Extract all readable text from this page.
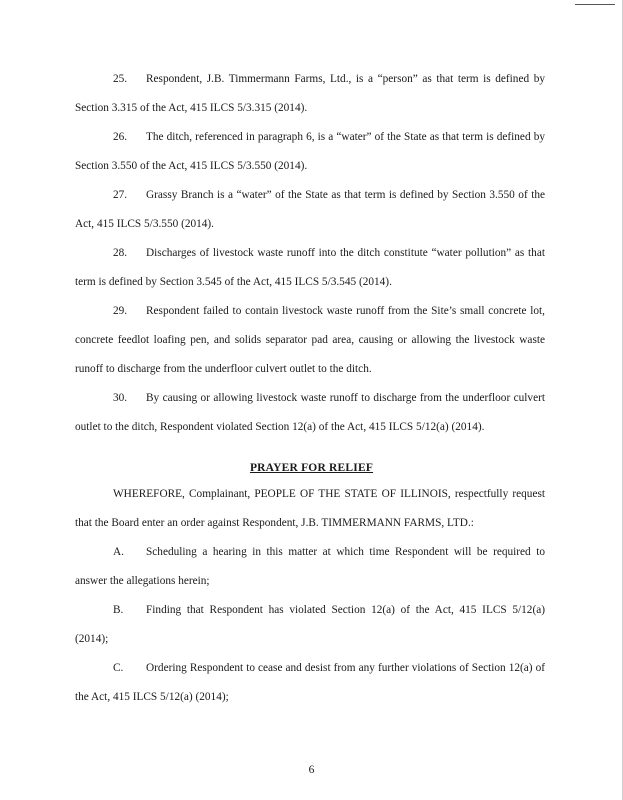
25. Respondent, J.B. Timmermann Farms, Ltd., is a “person” as that term is defined by Section 3.315 of the Act, 415 ILCS 5/3.315 (2014).

26. The ditch, referenced in paragraph 6, is a “water” of the State as that term is defined by Section 3.550 of the Act, 415 ILCS 5/3.550 (2014).

27. Grassy Branch is a “water” of the State as that term is defined by Section 3.550 of the Act, 415 ILCS 5/3.550 (2014).

28. Discharges of livestock waste runoff into the ditch constitute “water pollution” as that term is defined by Section 3.545 of the Act, 415 ILCS 5/3.545 (2014).

29. Respondent failed to contain livestock waste runoff from the Site’s small concrete lot, concrete feedlot loafing pen, and solids separator pad area, causing or allowing the livestock waste runoff to discharge from the underfloor culvert outlet to the ditch.

30. By causing or allowing livestock waste runoff to discharge from the underfloor culvert outlet to the ditch, Respondent violated Section 12(a) of the Act, 415 ILCS 5/12(a) (2014).

PRAYER FOR RELIEF

WHEREFORE, Complainant, PEOPLE OF THE STATE OF ILLINOIS, respectfully request that the Board enter an order against Respondent, J.B. TIMMERMANN FARMS, LTD.:

A. Scheduling a hearing in this matter at which time Respondent will be required to answer the allegations herein;

B. Finding that Respondent has violated Section 12(a) of the Act, 415 ILCS 5/12(a) (2014);

C. Ordering Respondent to cease and desist from any further violations of Section 12(a) of the Act, 415 ILCS 5/12(a) (2014);

6
